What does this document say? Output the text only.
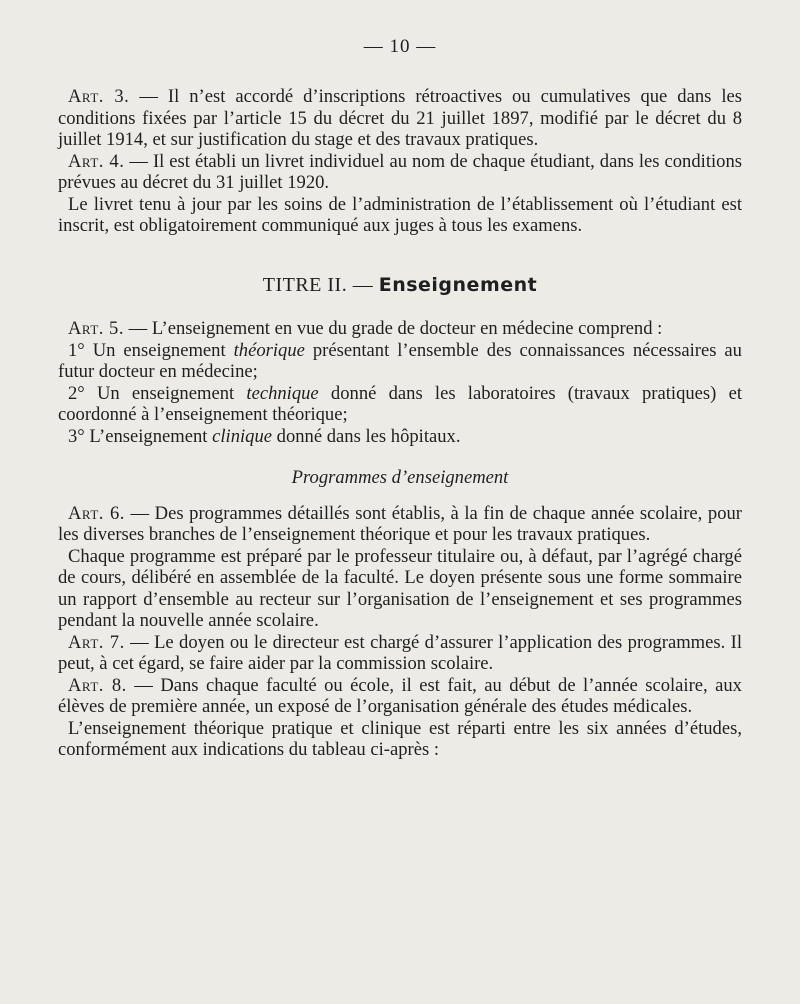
— 10 —

Art. 3. — Il n’est accordé d’inscriptions rétroactives ou cumulatives que dans les conditions fixées par l’article 15 du décret du 21 juillet 1897, modifié par le décret du 8 juillet 1914, et sur justification du stage et des travaux pratiques.

Art. 4. — Il est établi un livret individuel au nom de chaque étudiant, dans les conditions prévues au décret du 31 juillet 1920.

Le livret tenu à jour par les soins de l’administration de l’établissement où l’étudiant est inscrit, est obligatoirement communiqué aux juges à tous les examens.

TITRE II. — Enseignement

Art. 5. — L’enseignement en vue du grade de docteur en médecine comprend :

1° Un enseignement théorique présentant l’ensemble des connaissances nécessaires au futur docteur en médecine;

2° Un enseignement technique donné dans les laboratoires (travaux pratiques) et coordonné à l’enseignement théorique;

3° L’enseignement clinique donné dans les hôpitaux.

Programmes d’enseignement

Art. 6. — Des programmes détaillés sont établis, à la fin de chaque année scolaire, pour les diverses branches de l’enseignement théorique et pour les travaux pratiques.

Chaque programme est préparé par le professeur titulaire ou, à défaut, par l’agrégé chargé de cours, délibéré en assemblée de la faculté. Le doyen présente sous une forme sommaire un rapport d’ensemble au recteur sur l’organisation de l’enseignement et ses programmes pendant la nouvelle année scolaire.

Art. 7. — Le doyen ou le directeur est chargé d’assurer l’application des programmes. Il peut, à cet égard, se faire aider par la commission scolaire.

Art. 8. — Dans chaque faculté ou école, il est fait, au début de l’année scolaire, aux élèves de première année, un exposé de l’organisation générale des études médicales.

L’enseignement théorique pratique et clinique est réparti entre les six années d’études, conformément aux indications du tableau ci-après :
